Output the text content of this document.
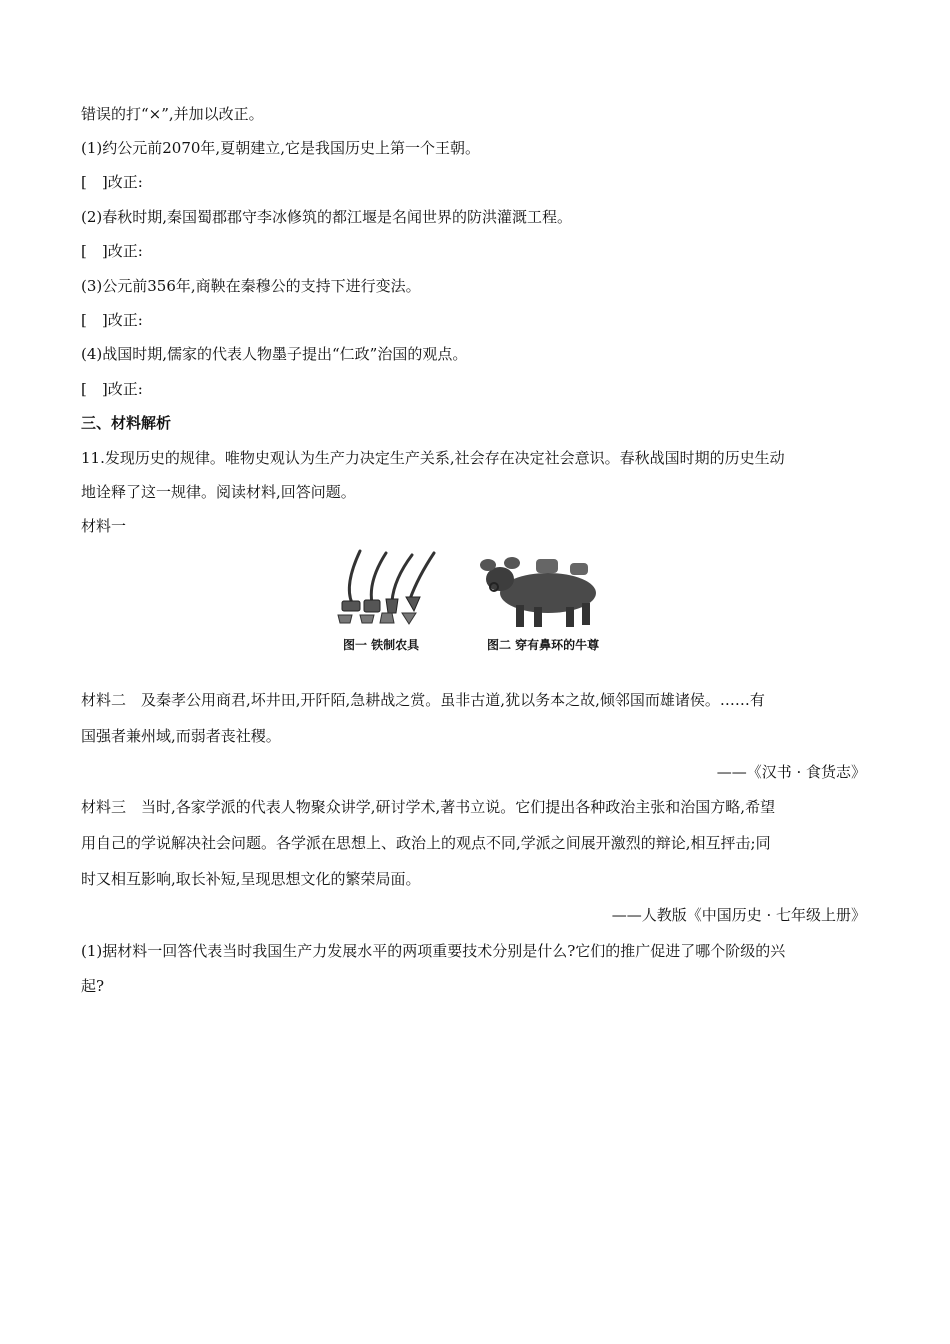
错误的打“×”,并加以改正。
(1)约公元前2070年,夏朝建立,它是我国历史上第一个王朝。
[　]改正:
(2)春秋时期,秦国蜀郡郡守李冰修筑的都江堰是名闻世界的防洪灌溉工程。
[　]改正:
(3)公元前356年,商鞅在秦穆公的支持下进行变法。
[　]改正:
(4)战国时期,儒家的代表人物墨子提出“仁政”治国的观点。
[　]改正:
三、材料解析
11.发现历史的规律。唯物史观认为生产力决定生产关系,社会存在决定社会意识。春秋战国时期的历史生动
地诠释了这一规律。阅读材料,回答问题。
材料一
图一 铁制农具	图二 穿有鼻环的牛尊
材料二　及秦孝公用商君,坏井田,开阡陌,急耕战之赏。虽非古道,犹以务本之故,倾邻国而雄诸侯。……有
国强者兼州域,而弱者丧社稷。
——《汉书 · 食货志》
材料三　当时,各家学派的代表人物聚众讲学,研讨学术,著书立说。它们提出各种政治主张和治国方略,希望
用自己的学说解决社会问题。各学派在思想上、政治上的观点不同,学派之间展开激烈的辩论,相互抨击;同
时又相互影响,取长补短,呈现思想文化的繁荣局面。
——人教版《中国历史 · 七年级上册》
(1)据材料一回答代表当时我国生产力发展水平的两项重要技术分别是什么?它们的推广促进了哪个阶级的兴
起?
